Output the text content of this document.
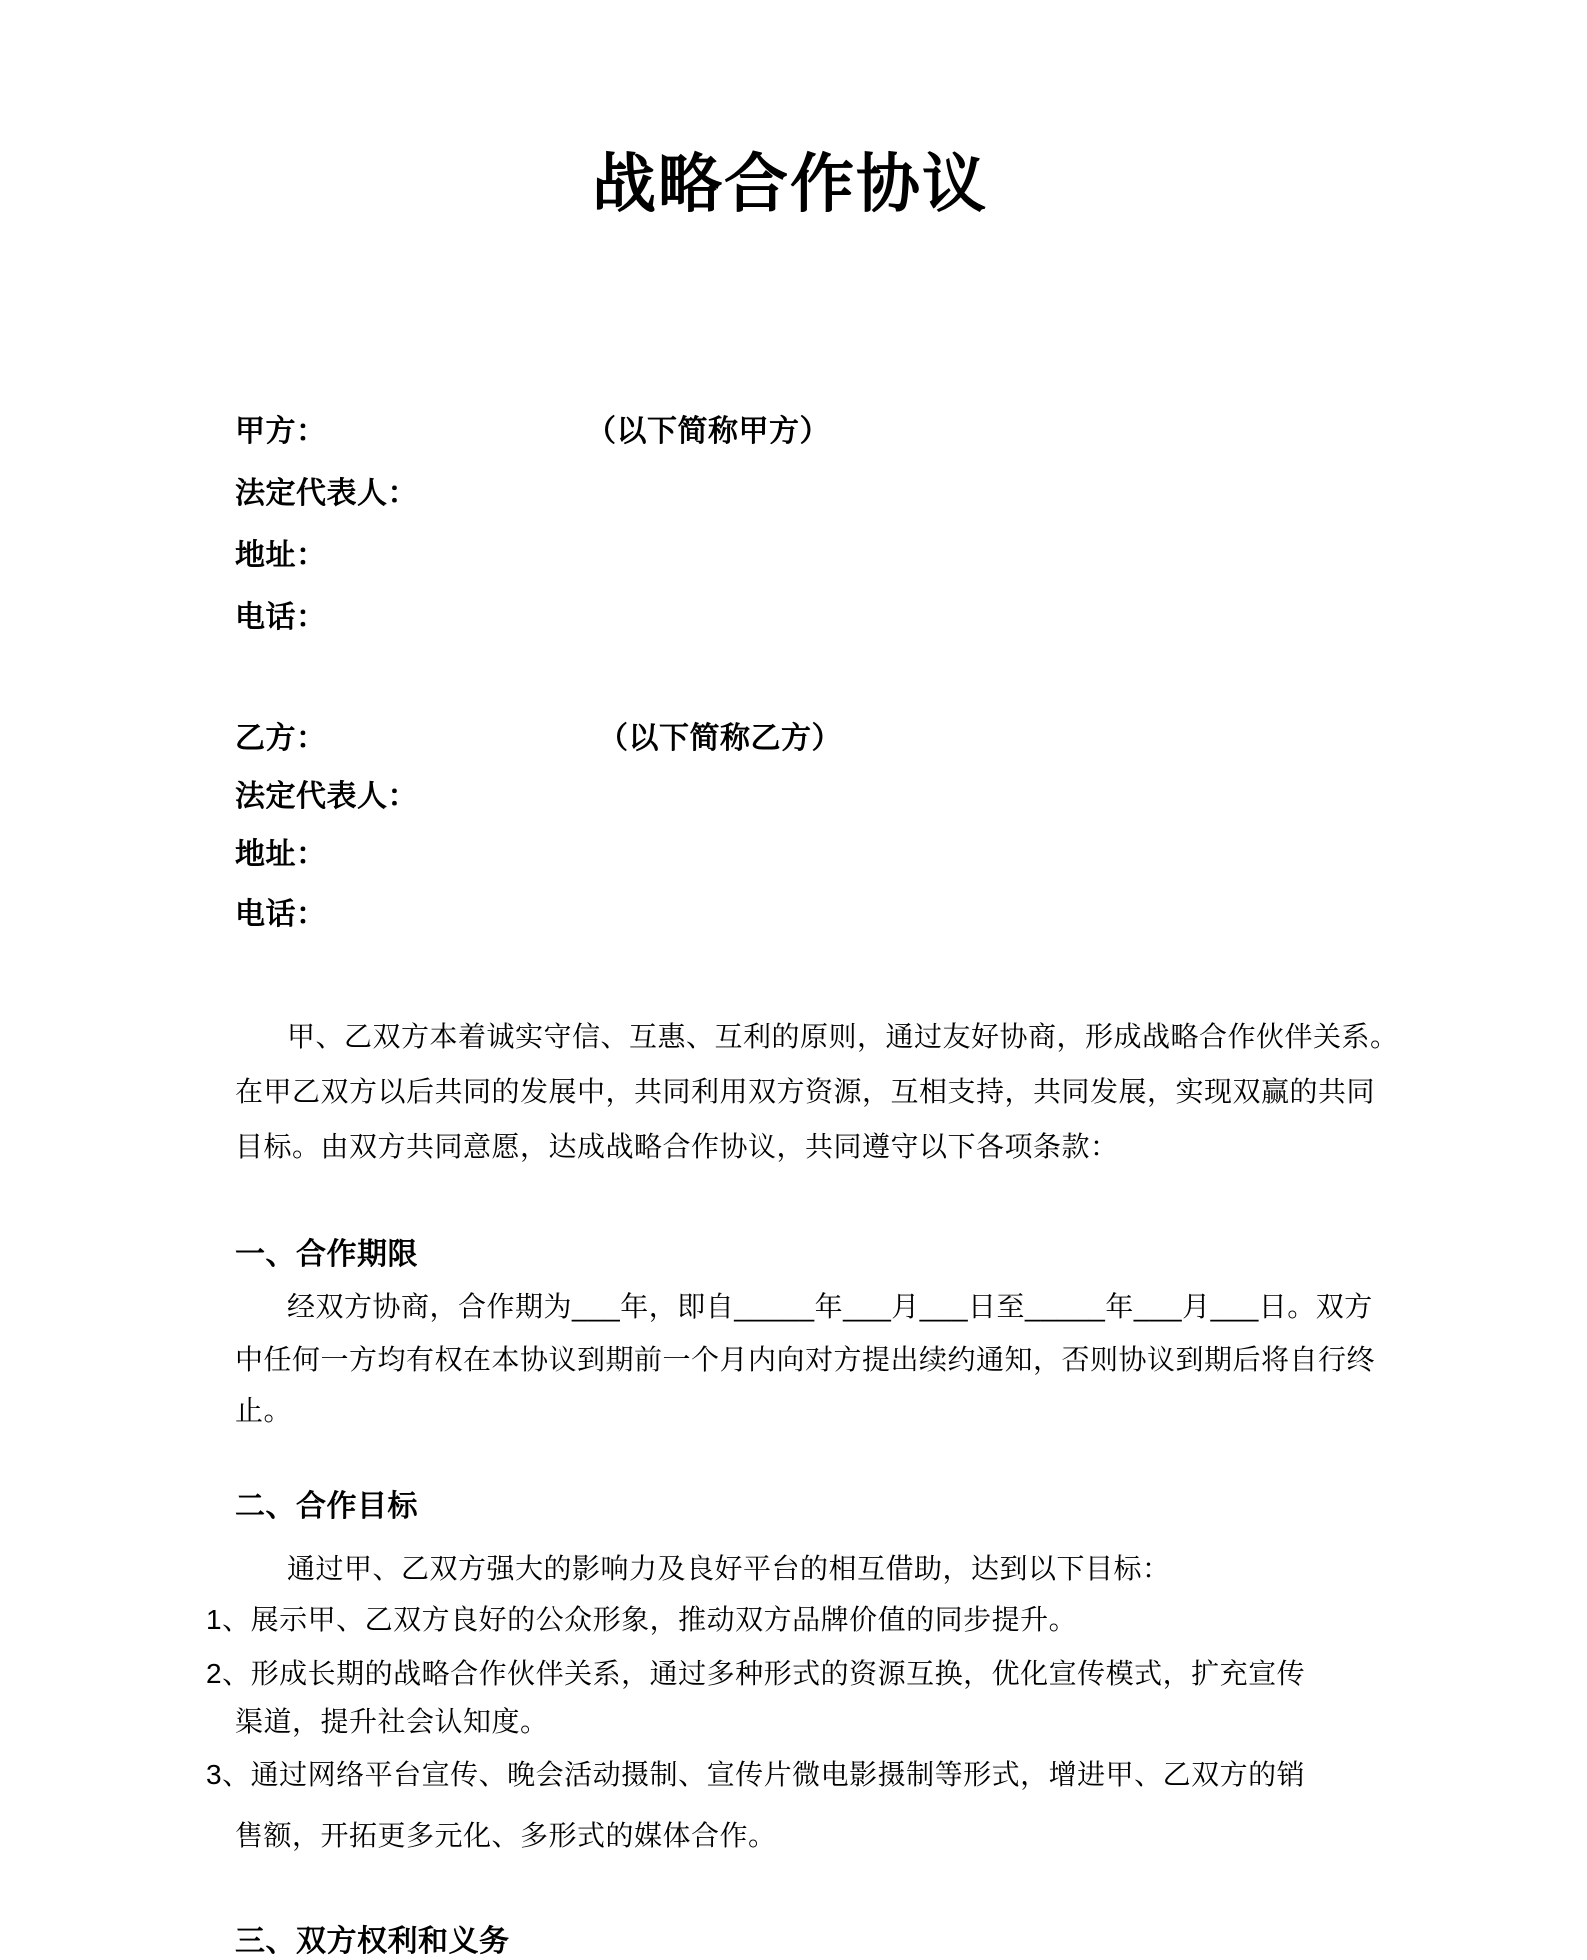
战略合作协议
甲方：	（以下简称甲方）
法定代表人：
地址：
电话：
乙方：	（以下简称乙方）
法定代表人：
地址：
电话：
甲、乙双方本着诚实守信、互惠、互利的原则，通过友好协商，形成战略合作伙伴关系。
在甲乙双方以后共同的发展中，共同利用双方资源，互相支持，共同发展，实现双赢的共同
目标。由双方共同意愿，达成战略合作协议，共同遵守以下各项条款：
一、合作期限
经双方协商，合作期为___年，即自_____年___月___日至_____年___月___日。双方
中任何一方均有权在本协议到期前一个月内向对方提出续约通知，否则协议到期后将自行终
止。
二、合作目标
通过甲、乙双方强大的影响力及良好平台的相互借助，达到以下目标：
1、展示甲、乙双方良好的公众形象，推动双方品牌价值的同步提升。
2、形成长期的战略合作伙伴关系，通过多种形式的资源互换，优化宣传模式，扩充宣传
渠道，提升社会认知度。
3、通过网络平台宣传、晚会活动摄制、宣传片微电影摄制等形式，增进甲、乙双方的销
售额，开拓更多元化、多形式的媒体合作。
三、双方权利和义务
